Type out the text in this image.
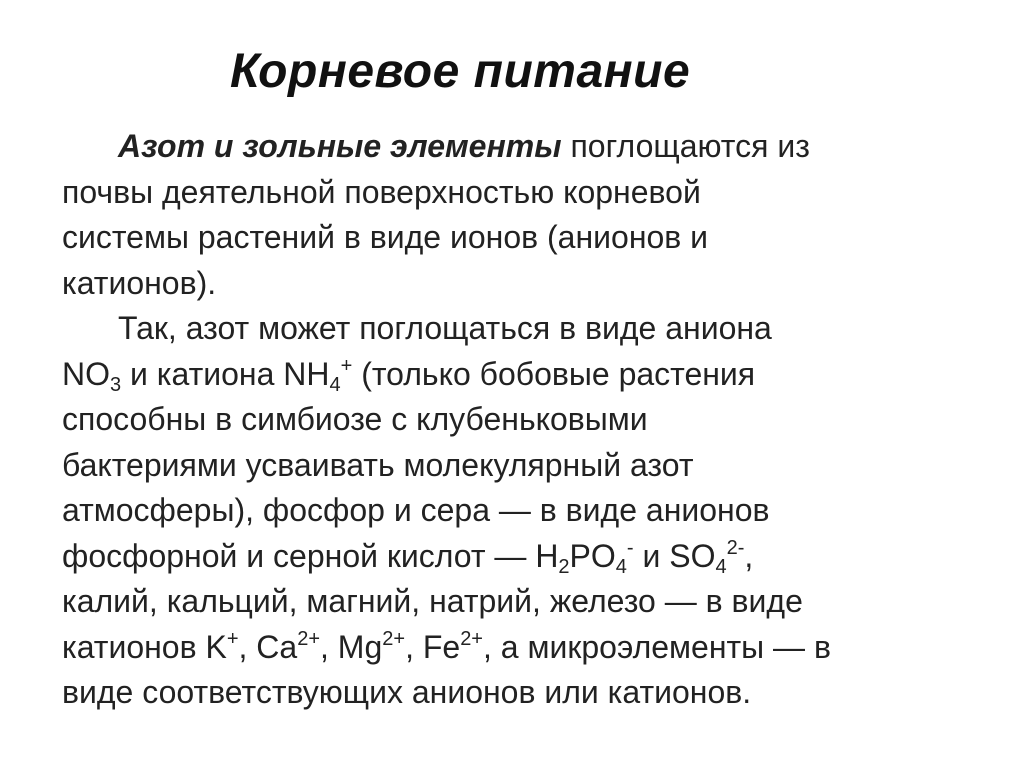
Корневое питание
Азот и зольные элементы поглощаются из
почвы деятельной поверхностью корневой
системы растений в виде ионов (анионов и
катионов).
Так, азот может поглощаться в виде аниона
$NO_3$ и катиона $NH_4^+$ (только бобовые растения
способны в симбиозе с клубеньковыми
бактериями усваивать молекулярный азот
атмосферы), фосфор и сера — в виде анионов
фосфорной и серной кислот — $H_2PO_4^-$ и $SO_4^{2-}$,
калий, кальций, магний, натрий, железо — в виде
катионов K+, $Ca^{2+}$, $Mg^{2+}$, $Fe^{2+}$, а микроэлементы — в
виде соответствующих анионов или катионов.
